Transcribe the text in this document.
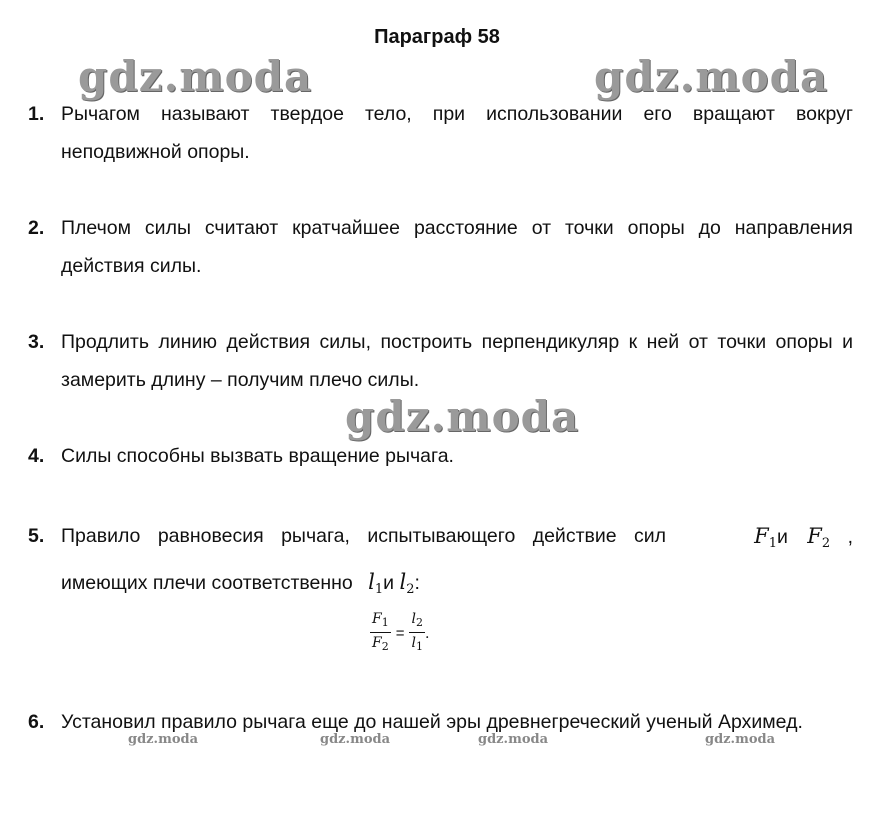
gdz.moda	gdz.moda
gdz.moda
gdz.moda	gdz.moda	gdz.moda	gdz.moda
Параграф 58
1. Рычагом называют твердое тело, при использовании его вращают вокруг неподвижной опоры.
2. Плечом силы считают кратчайшее расстояние от точки опоры до направления действия силы.
3. Продлить линию действия силы, построить перпендикуляр к ней от точки опоры и замерить длину – получим плечо силы.
4. Силы способны вызвать вращение рычага.
5. Правило равновесия рычага, испытывающего действие сил	$F_1и$ $F_2$ ,
имеющих плечи соответственно $l_1и$ $l_2$:
$\frac{F_1}{F_2} = \frac{l_2}{l_1}$ .
6. Установил правило рычага еще до нашей эры древнегреческий ученый Архимед.
